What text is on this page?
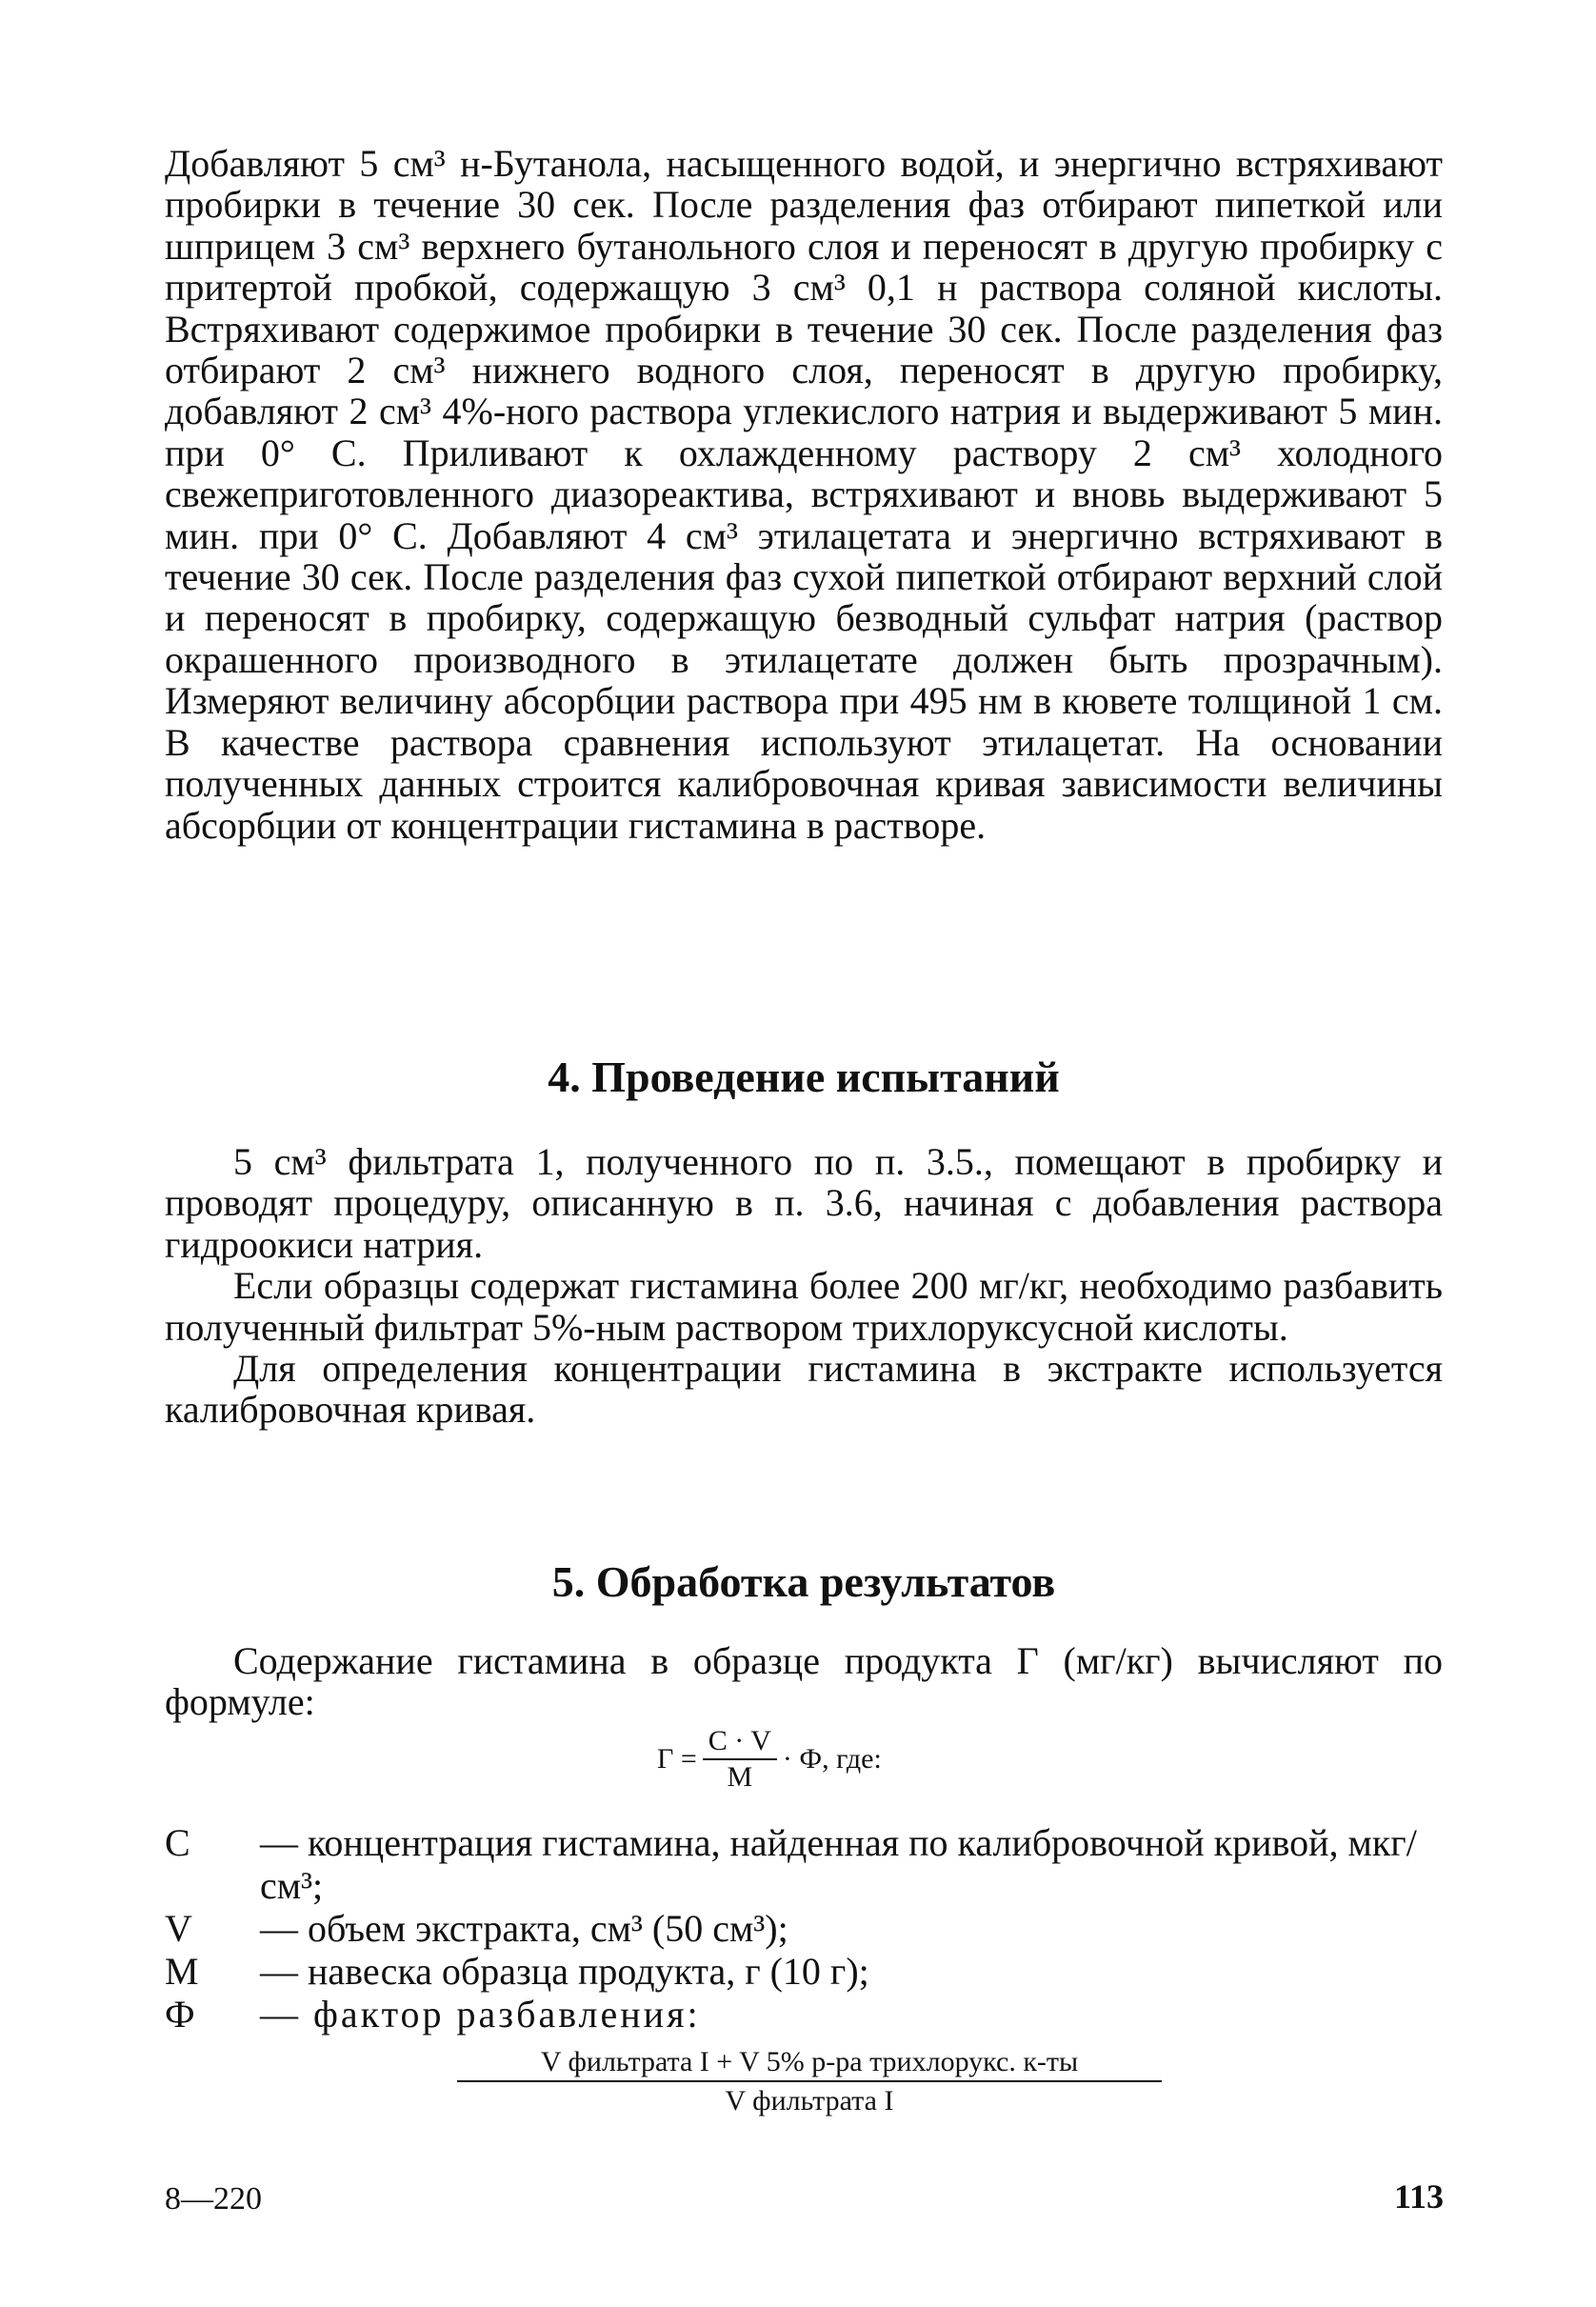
Добавляют 5 см³ н-Бутанола, насыщенного водой, и энергично встряхивают пробирки в течение 30 сек. После разделения фаз отбирают пипеткой или шприцем 3 см³ верхнего бутанольного слоя и переносят в другую пробирку с притертой пробкой, содержащую 3 см³ 0,1 н раствора соляной кислоты. Встряхивают содержимое пробирки в течение 30 сек. После разделения фаз отбирают 2 см³ нижнего водного слоя, переносят в другую пробирку, добавляют 2 см³ 4%-ного раствора углекислого натрия и выдерживают 5 мин. при 0° С. Приливают к охлажденному раствору 2 см³ холодного свежеприготовленного диазореактива, встряхивают и вновь выдерживают 5 мин. при 0° С. Добавляют 4 см³ этилацетата и энергично встряхивают в течение 30 сек. После разделения фаз сухой пипеткой отбирают верхний слой и переносят в пробирку, содержащую безводный сульфат натрия (раствор окрашенного производного в этилацетате должен быть прозрачным). Измеряют величину абсорбции раствора при 495 нм в кювете толщиной 1 см. В качестве раствора сравнения используют этилацетат. На основании полученных данных строится калибровочная кривая зависимости величины абсорбции от концентрации гистамина в растворе.

4. Проведение испытаний

5 см³ фильтрата 1, полученного по п. 3.5., помещают в пробирку и проводят процедуру, описанную в п. 3.6, начиная с добавления раствора гидроокиси натрия.

Если образцы содержат гистамина более 200 мг/кг, необходимо разбавить полученный фильтрат 5%-ным раствором трихлоруксусной кислоты.

Для определения концентрации гистамина в экстракте используется калибровочная кривая.

5. Обработка результатов

Содержание гистамина в образце продукта Г (мг/кг) вычисляют по формуле:

$Г = \frac{C \cdot V}{M} \cdot Ф$, где:
C	— концентрация гистамина, найденная по калибровочной кривой, мкг/см³;
V	— объем экстракта, см³ (50 см³);
M	— навеска образца продукта, г (10 г);
Ф	— фактор разбавления:
V фильтрата I + V 5% р-ра трихлорукс. к-ты
V фильтрата I
8—220	113
